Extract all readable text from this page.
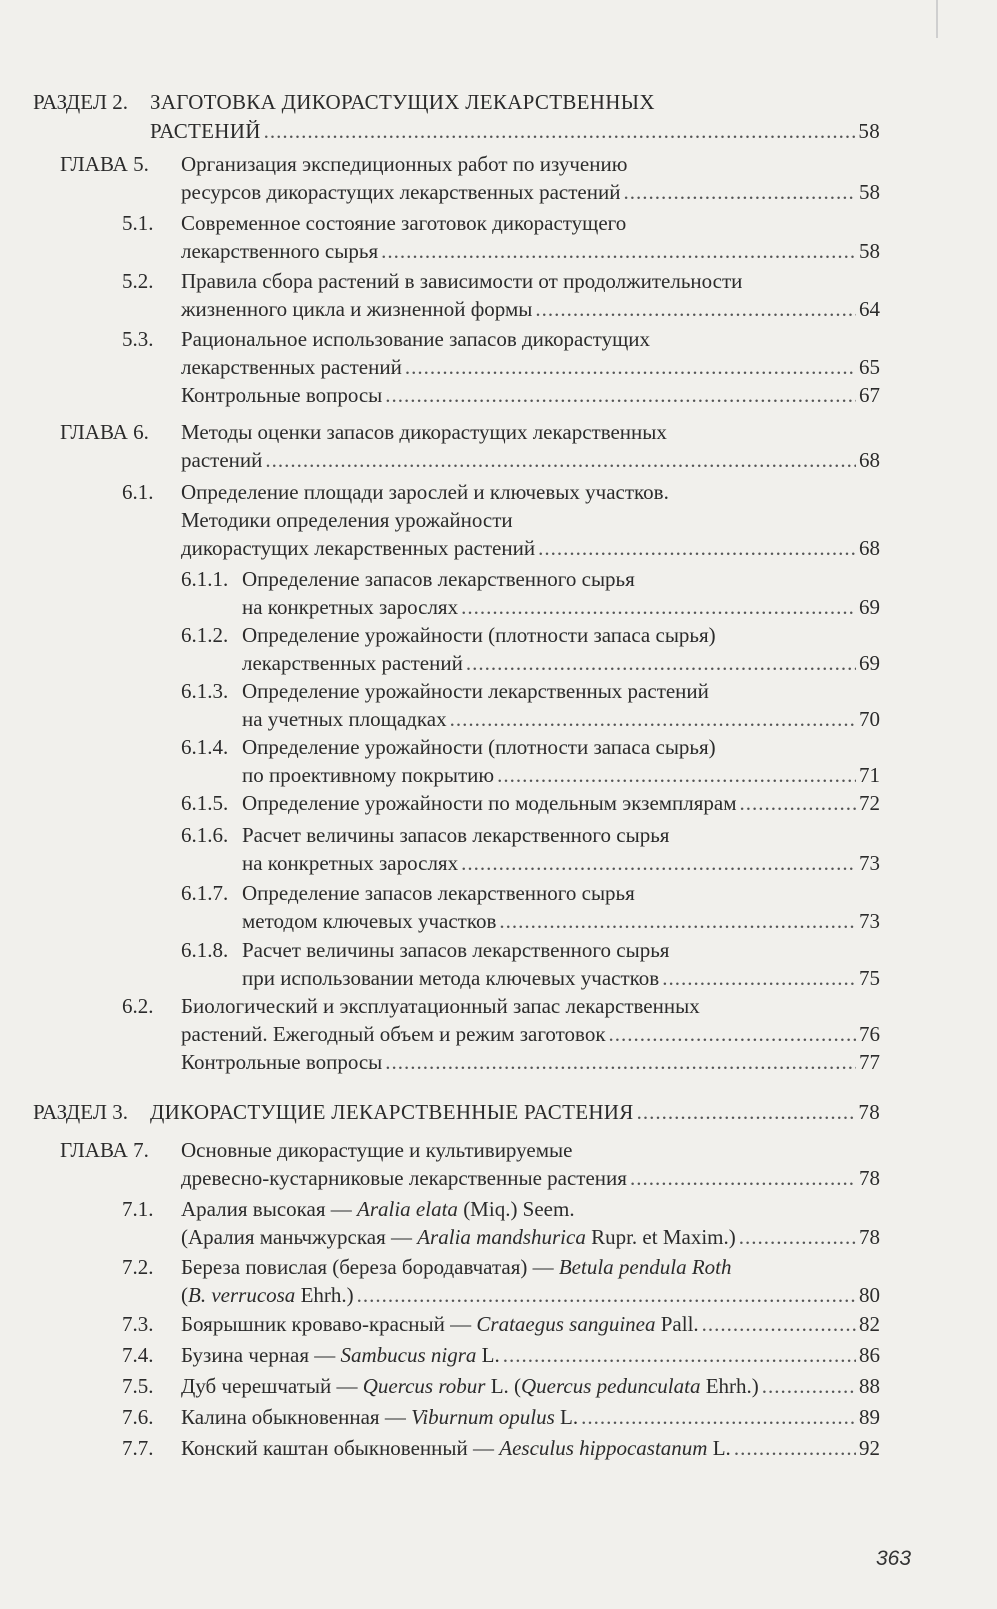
РАЗДЕЛ 2. ЗАГОТОВКА ДИКОРАСТУЩИХ ЛЕКАРСТВЕННЫХ
РАСТЕНИЙ .....	58
ГЛАВА 5. Организация экспедиционных работ по изучению
ресурсов дикорастущих лекарственных растений .....	58
5.1. Современное состояние заготовок дикорастущего
лекарственного сырья .....	58
5.2. Правила сбора растений в зависимости от продолжительности
жизненного цикла и жизненной формы .....	64
5.3. Рациональное использование запасов дикорастущих
лекарственных растений .....	65
Контрольные вопросы .....	67
ГЛАВА 6. Методы оценки запасов дикорастущих лекарственных
растений .....	68
6.1. Определение площади зарослей и ключевых участков.
Методики определения урожайности
дикорастущих лекарственных растений .....	68
6.1.1. Определение запасов лекарственного сырья
на конкретных зарослях .....	69
6.1.2. Определение урожайности (плотности запаса сырья)
лекарственных растений .....	69
6.1.3. Определение урожайности лекарственных растений
на учетных площадках .....	70
6.1.4. Определение урожайности (плотности запаса сырья)
по проективному покрытию .....	71
6.1.5. Определение урожайности по модельным экземплярам .....	72
6.1.6. Расчет величины запасов лекарственного сырья
на конкретных зарослях .....	73
6.1.7. Определение запасов лекарственного сырья
методом ключевых участков .....	73
6.1.8. Расчет величины запасов лекарственного сырья
при использовании метода ключевых участков .....	75
6.2. Биологический и эксплуатационный запас лекарственных
растений. Ежегодный объем и режим заготовок .....	76
Контрольные вопросы .....	77
РАЗДЕЛ 3. ДИКОРАСТУЩИЕ ЛЕКАРСТВЕННЫЕ РАСТЕНИЯ .....	78
ГЛАВА 7. Основные дикорастущие и культивируемые
древесно-кустарниковые лекарственные растения .....	78
7.1. Аралия высокая — Aralia elata (Miq.) Seem.
(Аралия маньчжурская — Aralia mandshurica Rupr. et Maxim.) .....	78
7.2. Береза повислая (береза бородавчатая) — Betula pendula Roth
(B. verrucosa Ehrh.) .....	80
7.3. Боярышник кроваво-красный — Crataegus sanguinea Pall. .....	82
7.4. Бузина черная — Sambucus nigra L. .....	86
7.5. Дуб черешчатый — Quercus robur L. (Quercus pedunculata Ehrh.) .....	88
7.6. Калина обыкновенная — Viburnum opulus L. .....	89
7.7. Конский каштан обыкновенный — Aesculus hippocastanum L. .....	92
363
